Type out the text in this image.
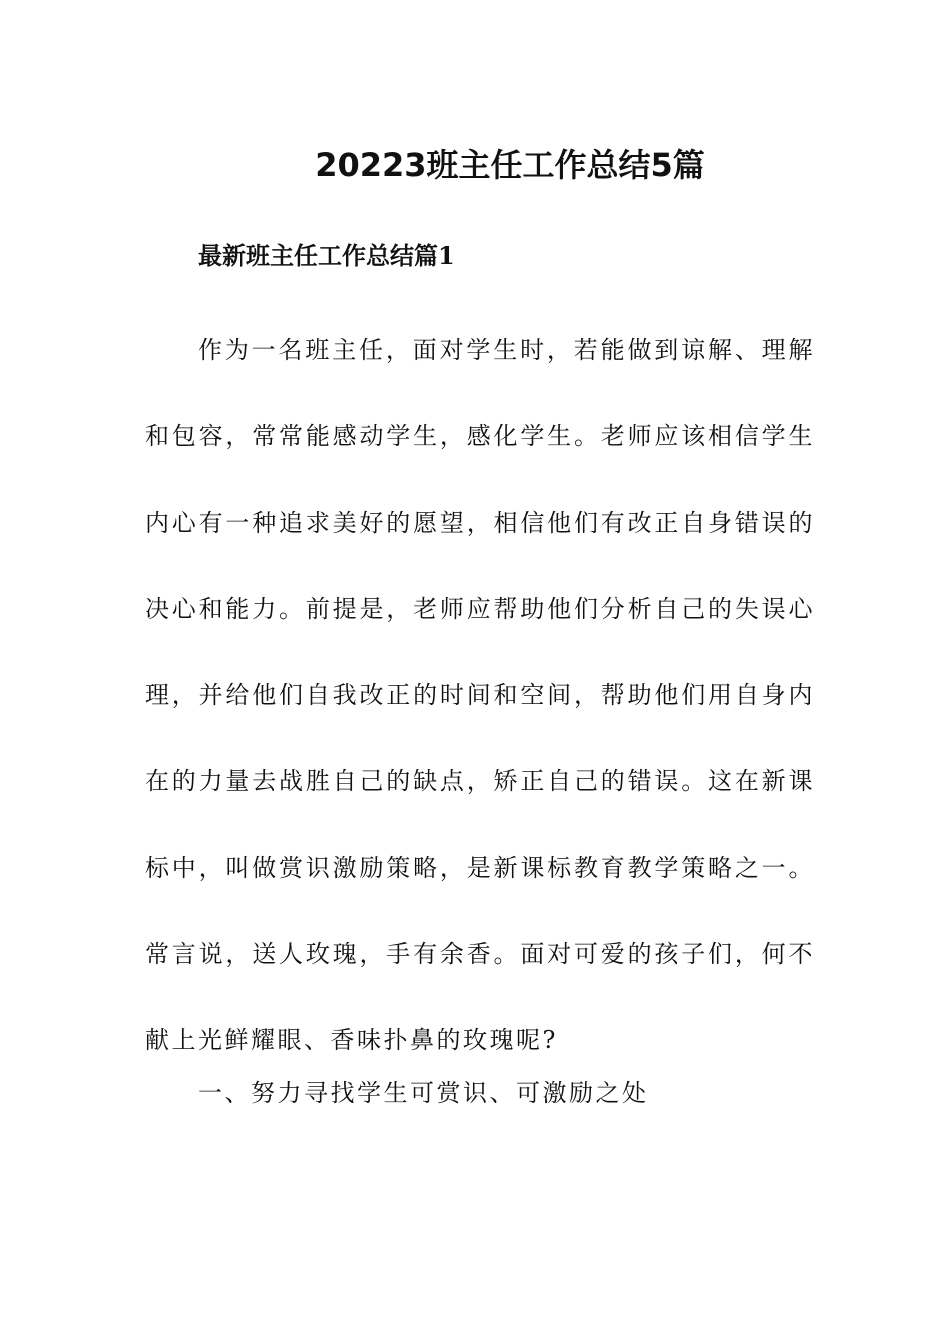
20223班主任工作总结5篇
最新班主任工作总结篇1

作为一名班主任，面对学生时，若能做到谅解、理解和包容，常常能感动学生，感化学生。老师应该相信学生内心有一种追求美好的愿望，相信他们有改正自身错误的决心和能力。前提是，老师应帮助他们分析自己的失误心理，并给他们自我改正的时间和空间，帮助他们用自身内在的力量去战胜自己的缺点，矫正自己的错误。这在新课标中，叫做赏识激励策略，是新课标教育教学策略之一。常言说，送人玫瑰，手有余香。面对可爱的孩子们，何不献上光鲜耀眼、香味扑鼻的玫瑰呢?

一、努力寻找学生可赏识、可激励之处
